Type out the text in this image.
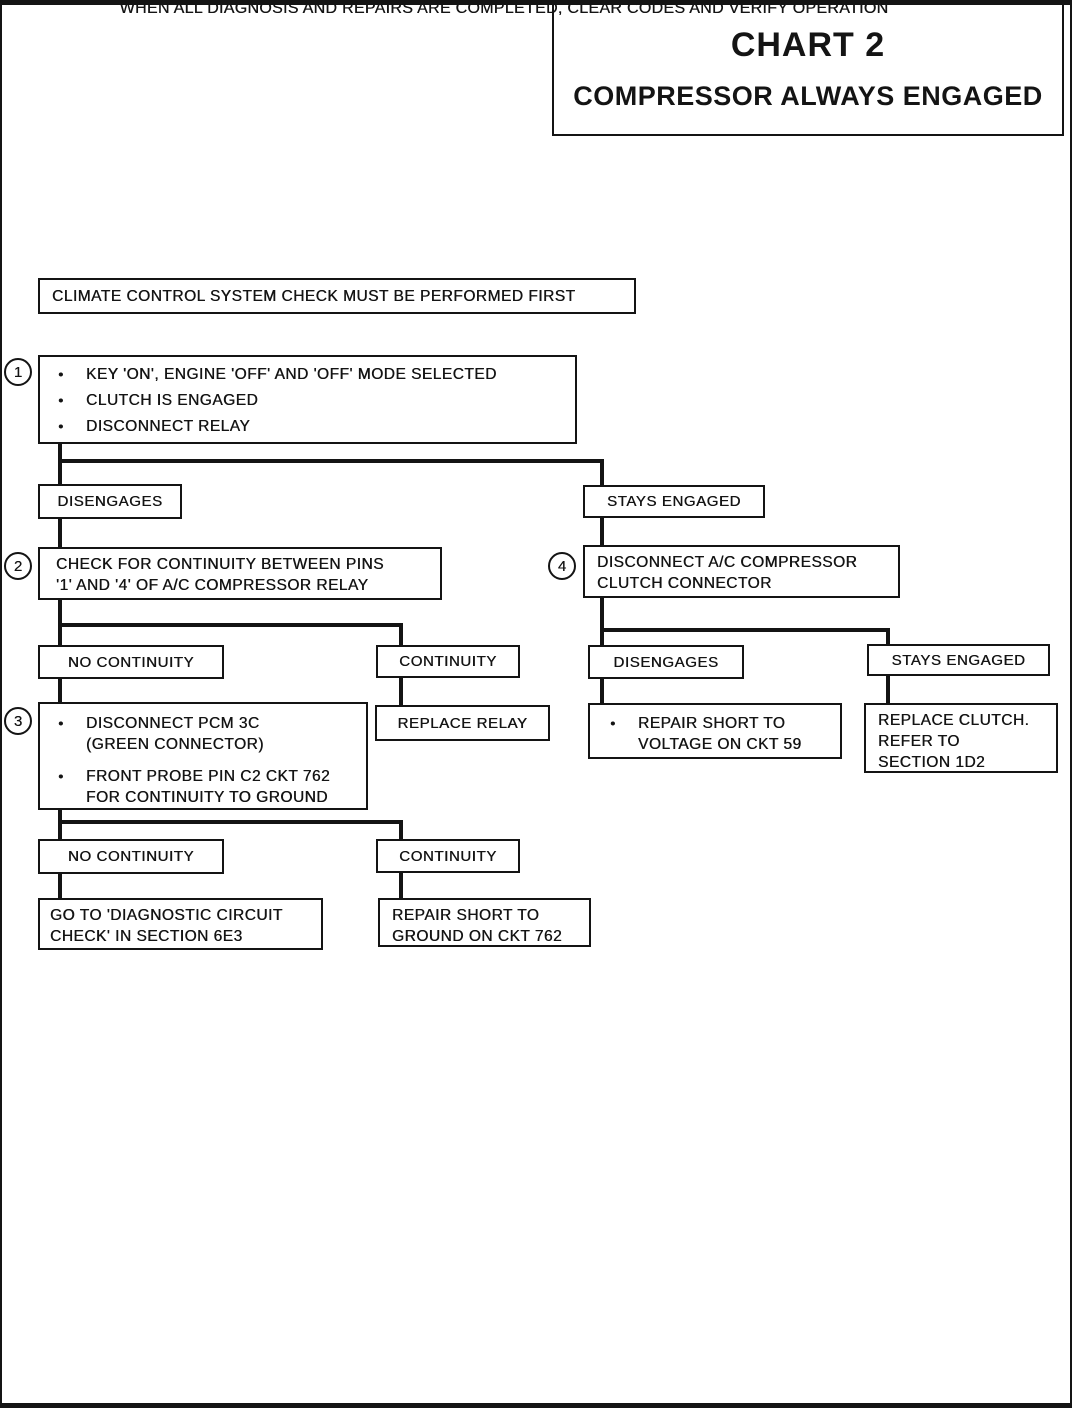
CHART 2
COMPRESSOR ALWAYS ENGAGED
CLIMATE CONTROL SYSTEM CHECK MUST BE PERFORMED FIRST
1	●	KEY 'ON', ENGINE 'OFF' AND 'OFF' MODE SELECTED
●	CLUTCH IS ENGAGED
●	DISCONNECT RELAY
DISENGAGES	STAYS ENGAGED
2 CHECK FOR CONTINUITY BETWEEN PINS
'1' AND '4' OF A/C COMPRESSOR RELAY
4 DISCONNECT A/C COMPRESSOR
CLUTCH CONNECTOR
NO CONTINUITY	CONTINUITY	DISENGAGES	STAYS ENGAGED
3	●	DISCONNECT PCM 3C
(GREEN CONNECTOR)
●	FRONT PROBE PIN C2 CKT 762
FOR CONTINUITY TO GROUND
REPLACE RELAY	●	REPAIR SHORT TO
VOLTAGE ON CKT 59
REPLACE CLUTCH.
REFER TO
SECTION 1D2
NO CONTINUITY	CONTINUITY
GO TO 'DIAGNOSTIC CIRCUIT
CHECK' IN SECTION 6E3
REPAIR SHORT TO
GROUND ON CKT 762
WHEN ALL DIAGNOSIS AND REPAIRS ARE COMPLETED, CLEAR CODES AND VERIFY OPERATION
